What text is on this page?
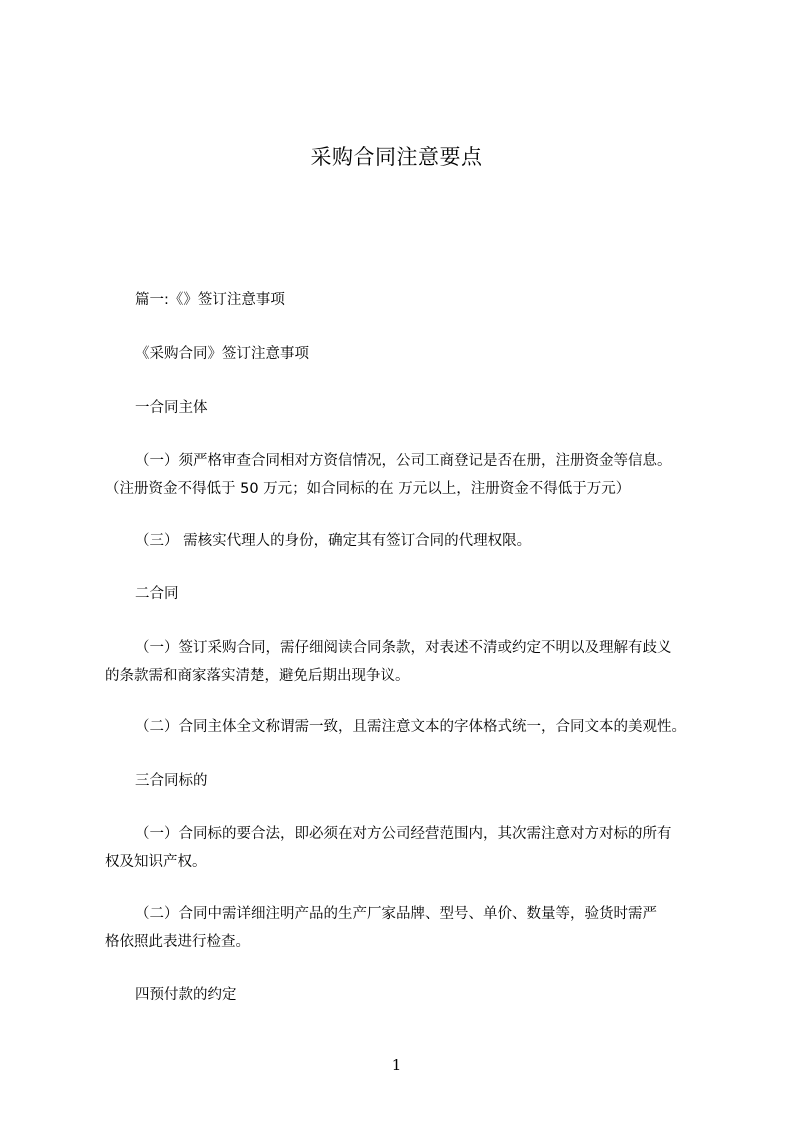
采购合同注意要点
篇一:《》签订注意事项
《采购合同》签订注意事项
一合同主体
（一）须严格审查合同相对方资信情况，公司工商登记是否在册，注册资金等信息。
（注册资金不得低于 50 万元；如合同标的在 万元以上，注册资金不得低于万元）
（三） 需核实代理人的身份，确定其有签订合同的代理权限。
二合同
（一）签订采购合同，需仔细阅读合同条款，对表述不清或约定不明以及理解有歧义
的条款需和商家落实清楚，避免后期出现争议。
（二）合同主体全文称谓需一致，且需注意文本的字体格式统一，合同文本的美观性。
三合同标的
（一）合同标的要合法，即必须在对方公司经营范围内，其次需注意对方对标的所有
权及知识产权。
（二）合同中需详细注明产品的生产厂家品牌、型号、单价、数量等，验货时需严
格依照此表进行检查。
四预付款的约定
1
